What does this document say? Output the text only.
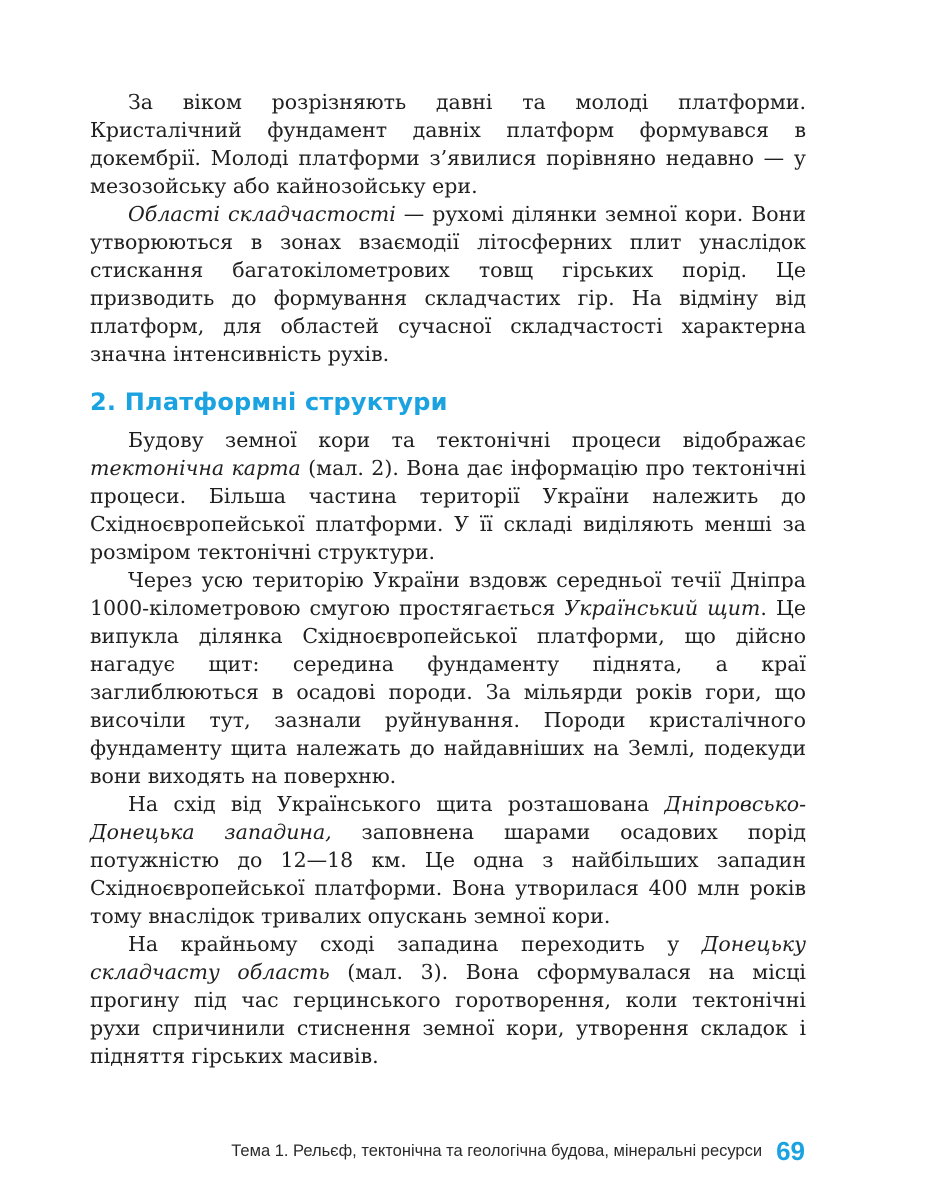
За віком розрізняють давні та молоді платформи. Кристалічний фундамент давніх платформ формувався в докембрії. Молоді платформи з’явилися порівняно недавно — у мезозойську або кайнозойську ери.

Області складчастості — рухомі ділянки земної кори. Вони утворюються в зонах взаємодії літосферних плит унаслідок стискання багатокілометрових товщ гірських порід. Це призводить до формування складчастих гір. На відміну від платформ, для областей сучасної складчастості характерна значна інтенсивність рухів.

2. Платформні структури

Будову земної кори та тектонічні процеси відображає тектонічна карта (мал. 2). Вона дає інформацію про тектонічні процеси. Більша частина території України належить до Східноєвропейської платформи. У її складі виділяють менші за розміром тектонічні структури.

Через усю територію України вздовж середньої течії Дніпра 1000-кілометровою смугою простягається Український щит. Це випукла ділянка Східноєвропейської платформи, що дійсно нагадує щит: середина фундаменту піднята, а краї заглиблюються в осадові породи. За мільярди років гори, що височіли тут, зазнали руйнування. Породи кристалічного фундаменту щита належать до найдавніших на Землі, подекуди вони виходять на поверхню.

На схід від Українського щита розташована Дніпровсько-Донецька западина, заповнена шарами осадових порід потужністю до 12—18 км. Це одна з найбільших западин Східноєвропейської платформи. Вона утворилася 400 млн років тому внаслідок тривалих опускань земної кори.

На крайньому сході западина переходить у Донецьку складчасту область (мал. 3). Вона сформувалася на місці прогину під час герцинського горотворення, коли тектонічні рухи спричинили стиснення земної кори, утворення складок і підняття гірських масивів.

Тема 1. Рельєф, тектонічна та геологічна будова, мінеральні ресурси 69
